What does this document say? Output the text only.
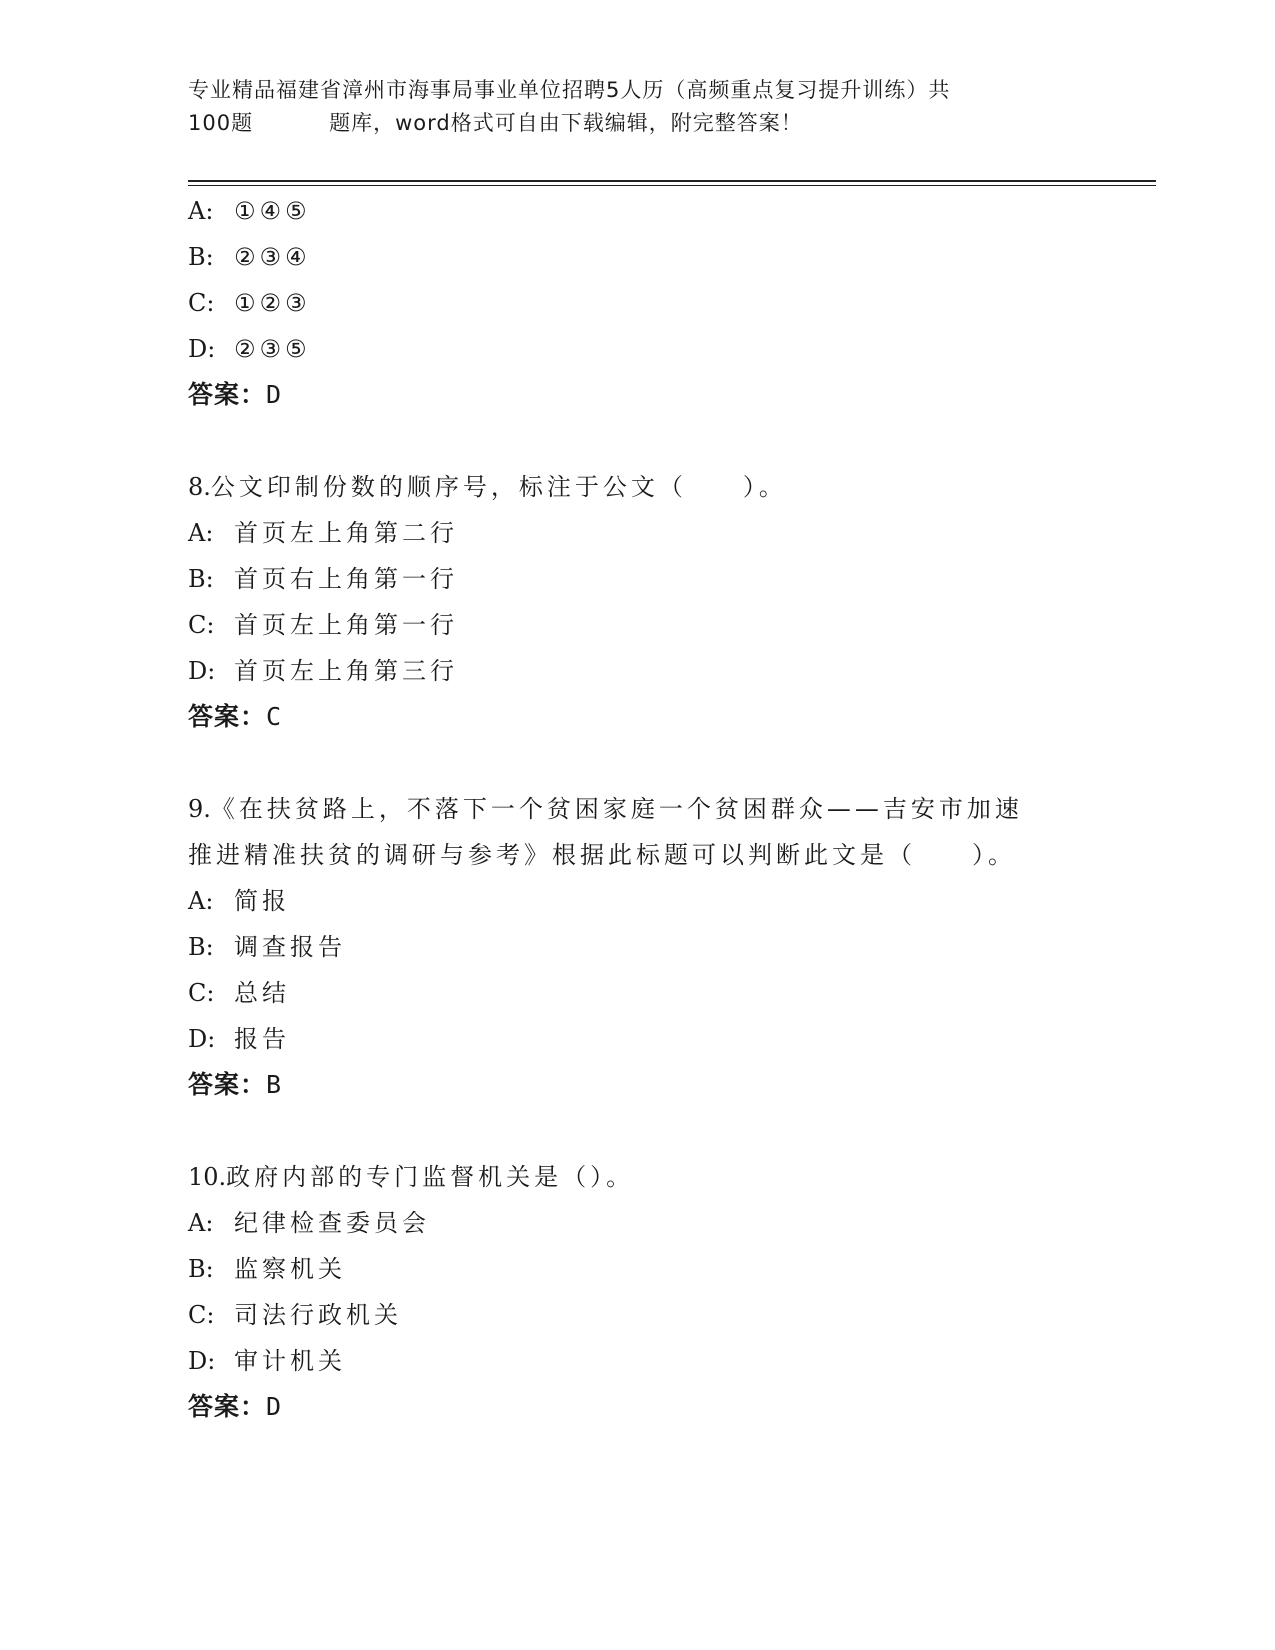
专业精品福建省漳州市海事局事业单位招聘5人历（高频重点复习提升训练）共
100题	题库，word格式可自由下载编辑，附完整答案！
A: ①④⑤
B: ②③④
C: ①②③
D: ②③⑤
答案：D
8.公文印制份数的顺序号，标注于公文（　　）。
A: 首页左上角第二行
B: 首页右上角第一行
C: 首页左上角第一行
D: 首页左上角第三行
答案：C
9.《在扶贫路上，不落下一个贫困家庭一个贫困群众——吉安市加速
推进精准扶贫的调研与参考》根据此标题可以判断此文是（　　）。
A: 简报
B: 调查报告
C: 总结
D: 报告
答案：B
10.政府内部的专门监督机关是（）。
A: 纪律检查委员会
B: 监察机关
C: 司法行政机关
D: 审计机关
答案：D
